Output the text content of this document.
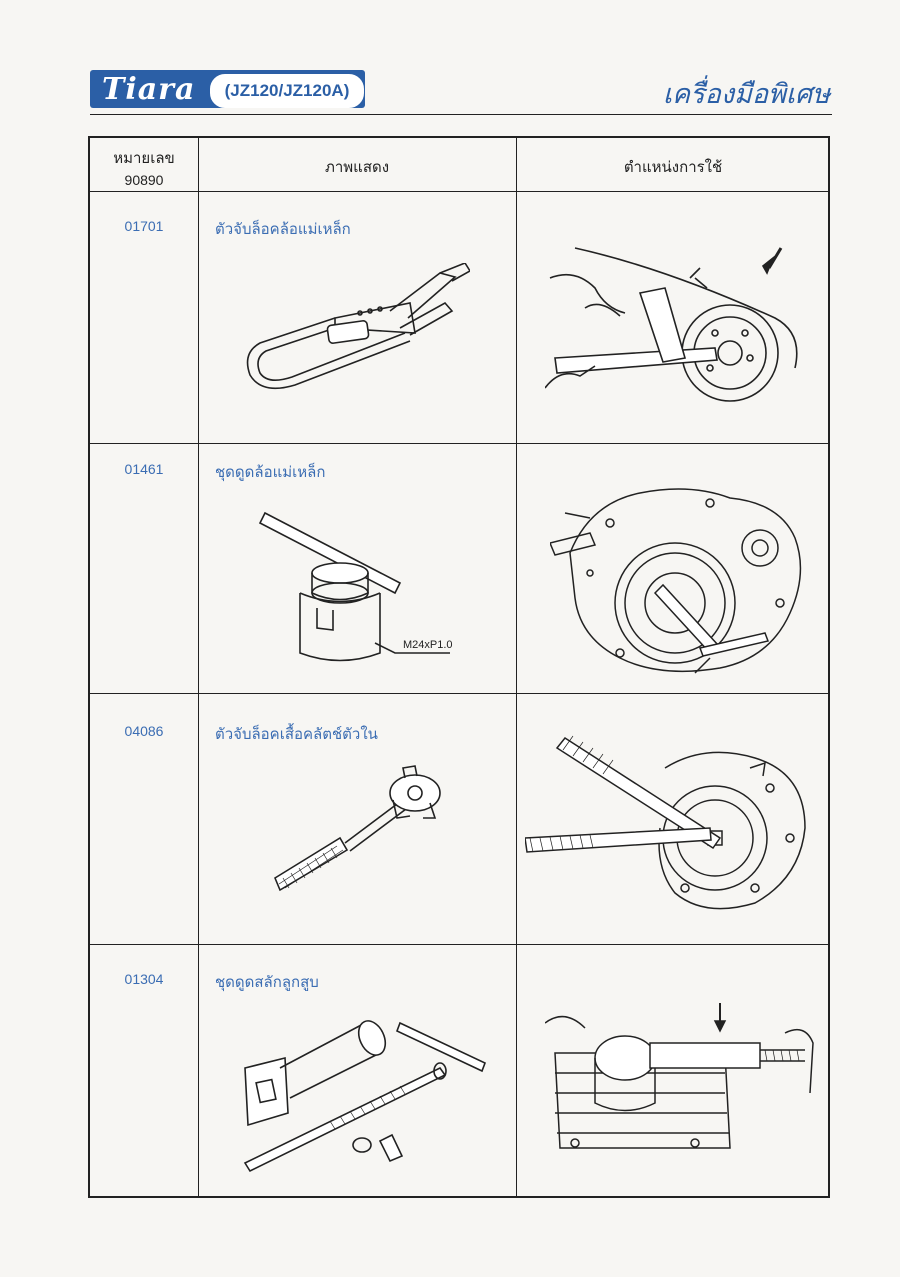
Tiara	(JZ120/JZ120A)	เครื่องมือพิเศษ
หมายเลข
90890
ภาพแสดง	ตำแหน่งการใช้
01701	ตัวจับล็อคล้อแม่เหล็ก
01461	ชุดดูดล้อแม่เหล็ก
M24xP1.0
04086	ตัวจับล็อคเสื้อคลัตช์ตัวใน
01304	ชุดดูดสลักลูกสูบ
